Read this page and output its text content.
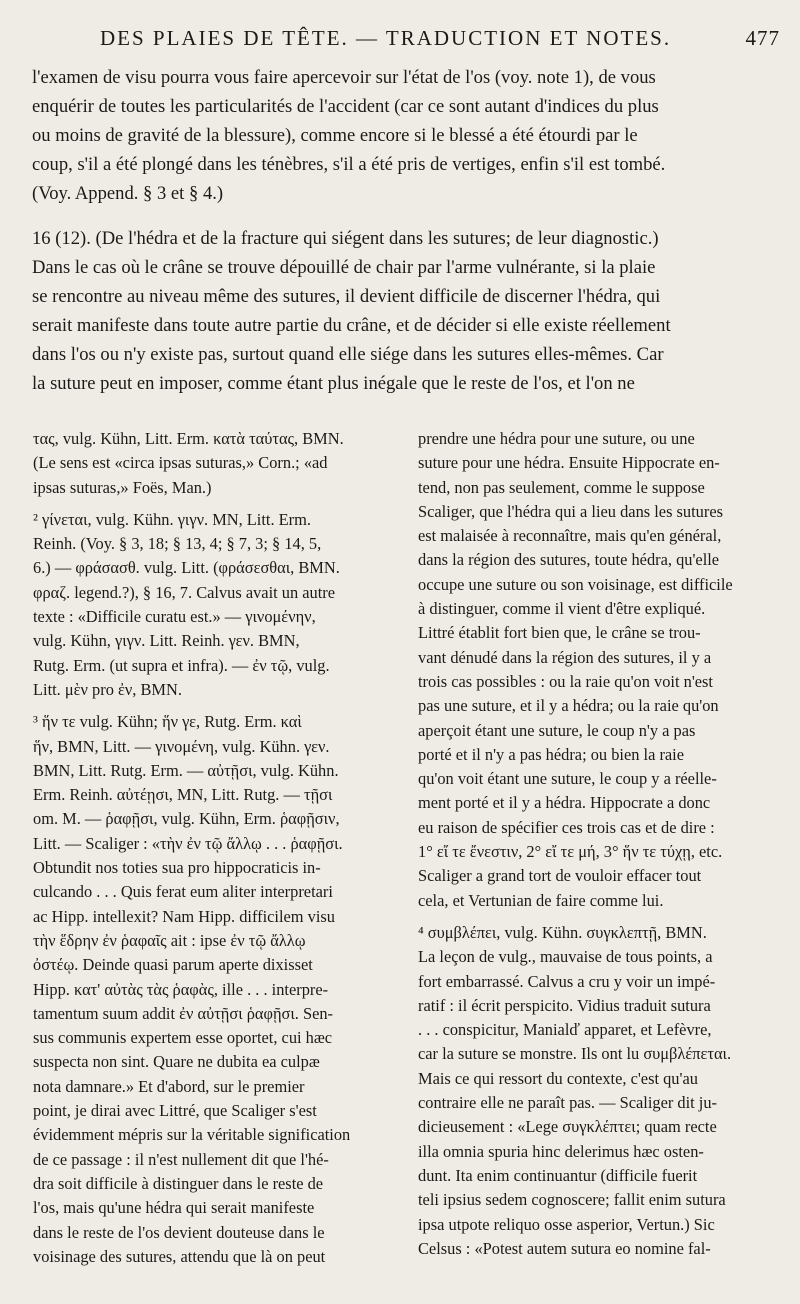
DES PLAIES DE TÊTE. — TRADUCTION ET NOTES.	477
l'examen de visu pourra vous faire apercevoir sur l'état de l'os (voy. note 1), de vous
enquérir de toutes les particularités de l'accident (car ce sont autant d'indices du plus
ou moins de gravité de la blessure), comme encore si le blessé a été étourdi par le
coup, s'il a été plongé dans les ténèbres, s'il a été pris de vertiges, enfin s'il est tombé.
(Voy. Append. § 3 et § 4.)
16 (12). (De l'hédra et de la fracture qui siégent dans les sutures; de leur diagnostic.)
Dans le cas où le crâne se trouve dépouillé de chair par l'arme vulnérante, si la plaie
se rencontre au niveau même des sutures, il devient difficile de discerner l'hédra, qui
serait manifeste dans toute autre partie du crâne, et de décider si elle existe réellement
dans l'os ou n'y existe pas, surtout quand elle siége dans les sutures elles-mêmes. Car
la suture peut en imposer, comme étant plus inégale que le reste de l'os, et l'on ne
τας, vulg. Kühn, Litt. Erm. κατὰ ταύτας, BMN.
(Le sens est «circa ipsas suturas,» Corn.; «ad
ipsas suturas,» Foës, Man.)
² γίνεται, vulg. Kühn. γιγν. MN, Litt. Erm.
Reinh. (Voy. § 3, 18; § 13, 4; § 7, 3; § 14, 5,
6.) — φράσασθ. vulg. Litt. (φράσεσθαι, BMN.
φραζ. legend.?), § 16, 7. Calvus avait un autre
texte : «Difficile curatu est.» — γινομένην,
vulg. Kühn, γιγν. Litt. Reinh. γεν. BMN,
Rutg. Erm. (ut supra et infra). — ἐν τῷ, vulg.
Litt. μὲν pro ἐν, BMN.
³ ἥν τε vulg. Kühn; ἥν γε, Rutg. Erm. καὶ
ἥν, BMN, Litt. — γινομένη, vulg. Kühn. γεν.
BMN, Litt. Rutg. Erm. — αὐτῇσι, vulg. Kühn.
Erm. Reinh. αὐτέῃσι, MN, Litt. Rutg. — τῇσι
om. M. — ῥαφῇσι, vulg. Kühn, Erm. ῥαφῇσιν,
Litt. — Scaliger : «τὴν ἐν τῷ ἄλλῳ . . . ῥαφῇσι.
Obtundit nos toties sua pro hippocraticis in-
culcando . . . Quis ferat eum aliter interpretari
ac Hipp. intellexit? Nam Hipp. difficilem visu
τὴν ἕδρην ἐν ῥαφαῖς ait : ipse ἐν τῷ ἄλλῳ
ὀστέῳ. Deinde quasi parum aperte dixisset
Hipp. κατ' αὐτὰς τὰς ῥαφὰς, ille . . . interpre-
tamentum suum addit ἐν αὐτῇσι ῥαφῇσι. Sen-
sus communis expertem esse oportet, cui hæc
suspecta non sint. Quare ne dubita ea culpæ
nota damnare.» Et d'abord, sur le premier
point, je dirai avec Littré, que Scaliger s'est
évidemment mépris sur la véritable signification
de ce passage : il n'est nullement dit que l'hé-
dra soit difficile à distinguer dans le reste de
l'os, mais qu'une hédra qui serait manifeste
dans le reste de l'os devient douteuse dans le
voisinage des sutures, attendu que là on peut
prendre une hédra pour une suture, ou une
suture pour une hédra. Ensuite Hippocrate en-
tend, non pas seulement, comme le suppose
Scaliger, que l'hédra qui a lieu dans les sutures
est malaisée à reconnaître, mais qu'en général,
dans la région des sutures, toute hédra, qu'elle
occupe une suture ou son voisinage, est difficile
à distinguer, comme il vient d'être expliqué.
Littré établit fort bien que, le crâne se trou-
vant dénudé dans la région des sutures, il y a
trois cas possibles : ou la raie qu'on voit n'est
pas une suture, et il y a hédra; ou la raie qu'on
aperçoit étant une suture, le coup n'y a pas
porté et il n'y a pas hédra; ou bien la raie
qu'on voit étant une suture, le coup y a réelle-
ment porté et il y a hédra. Hippocrate a donc
eu raison de spécifier ces trois cas et de dire :
1° εἴ τε ἔνεστιν, 2° εἴ τε μή, 3° ἥν τε τύχῃ, etc.
Scaliger a grand tort de vouloir effacer tout
cela, et Vertunian de faire comme lui.
⁴ συμβλέπει, vulg. Kühn. συγκλεπτῇ, BMN.
La leçon de vulg., mauvaise de tous points, a
fort embarrassé. Calvus a cru y voir un impé-
ratif : il écrit perspicito. Vidius traduit sutura
. . . conspicitur, Manialď apparet, et Lefèvre,
car la suture se monstre. Ils ont lu συμβλέπεται.
Mais ce qui ressort du contexte, c'est qu'au
contraire elle ne paraît pas. — Scaliger dit ju-
dicieusement : «Lege συγκλέπτει; quam recte
illa omnia spuria hinc delerimus hæc osten-
dunt. Ita enim continuantur (difficile fuerit
teli ipsius sedem cognoscere; fallit enim sutura
ipsa utpote reliquo osse asperior, Vertun.) Sic
Celsus : «Potest autem sutura eo nomine fal-
